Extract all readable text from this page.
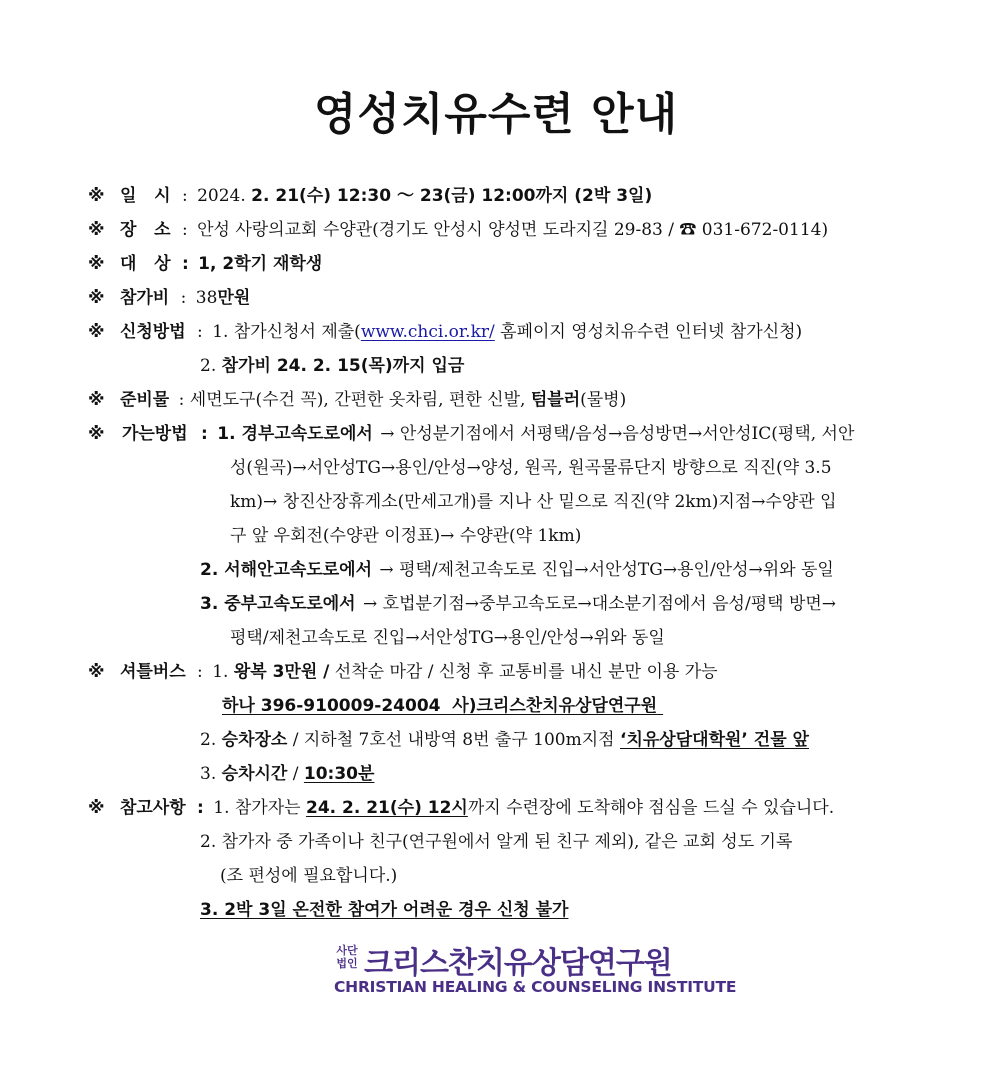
영성치유수련 안내
※ 일   시 : 2024. 2. 21(수) 12:30 ～ 23(금) 12:00까지 (2박 3일)
※ 장   소 : 안성 사랑의교회 수양관(경기도 안성시 양성면 도라지길 29-83 / ☎ 031-672-0114)
※ 대   상 : 1, 2학기 재학생
※ 참가비 : 38만원
※ 신청방법 : 1. 참가신청서 제출(www.chci.or.kr/ 홈페이지 영성치유수련 인터넷 참가신청)
2. 참가비 24. 2. 15(목)까지 입금
※ 준비물 : 세면도구(수건 꼭), 간편한 옷차림, 편한 신발, 텀블러(물병)
※ 가는방법 : 1. 경부고속도로에서 → 안성분기점에서 서평택/음성→음성방면→서안성IC(평택, 서안
성(원곡)→서안성TG→용인/안성→양성, 원곡, 원곡물류단지 방향으로 직진(약 3.5
km)→ 창진산장휴게소(만세고개)를 지나 산 밑으로 직진(약 2km)지점→수양관 입
구 앞 우회전(수양관 이정표)→ 수양관(약 1km)
2. 서해안고속도로에서 → 평택/제천고속도로 진입→서안성TG→용인/안성→위와 동일
3. 중부고속도로에서 → 호법분기점→중부고속도로→대소분기점에서 음성/평택 방면→
평택/제천고속도로 진입→서안성TG→용인/안성→위와 동일
※ 셔틀버스 : 1. 왕복 3만원 / 선착순 마감 / 신청 후 교통비를 내신 분만 이용 가능
하나 396-910009-24004  사)크리스찬치유상담연구원
2. 승차장소 / 지하철 7호선 내방역 8번 출구 100m지점 ‘치유상담대학원’ 건물 앞
3. 승차시간 / 10:30분
※ 참고사항 : 1. 참가자는 24. 2. 21(수) 12시까지 수련장에 도착해야 점심을 드실 수 있습니다.
2. 참가자 중 가족이나 친구(연구원에서 알게 된 친구 제외), 같은 교회 성도 기록
(조 편성에 필요합니다.)
3. 2박 3일 온전한 참여가 어려운 경우 신청 불가
사단
법인 크리스찬치유상담연구원
CHRISTIAN HEALING & COUNSELING INSTITUTE
